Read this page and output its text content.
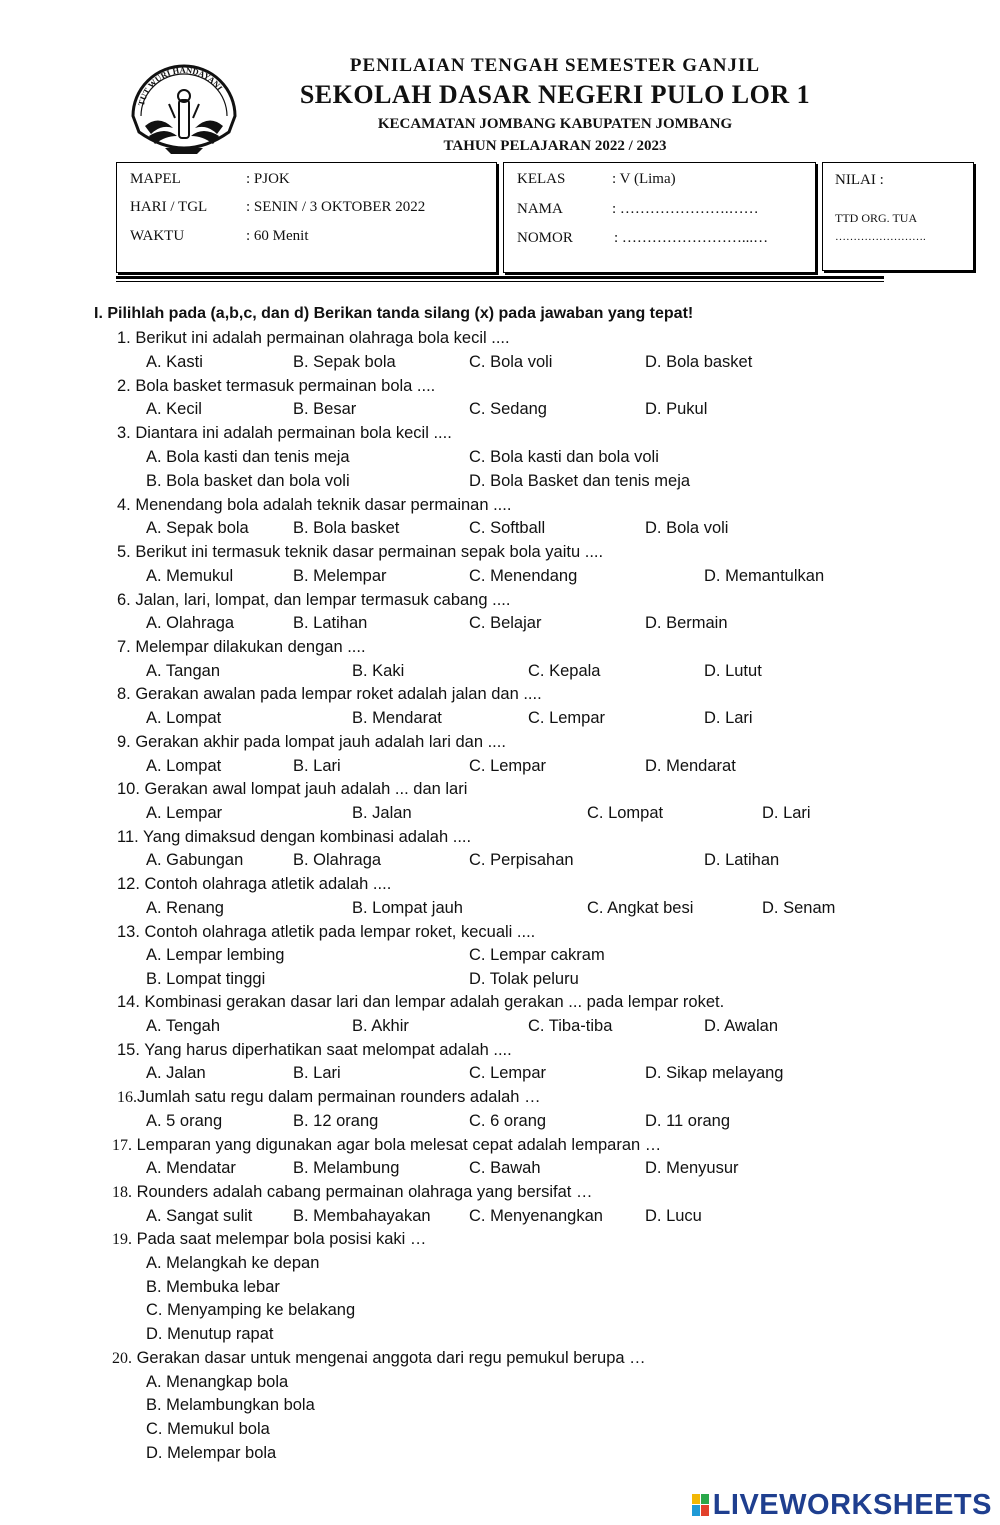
TUT WURI HANDAYANI
PENILAIAN TENGAH SEMESTER GANJIL
SEKOLAH DASAR NEGERI PULO LOR 1
KECAMATAN JOMBANG KABUPATEN JOMBANG
TAHUN PELAJARAN 2022 / 2023
MAPEL	: PJOK
HARI / TGL	: SENIN / 3 OKTOBER 2022
WAKTU	: 60 Menit
KELAS	: V (Lima)
NAMA	: ………………….……
NOMOR	: ……………………...…
NILAI :
TTD ORG. TUA
…………………….
I. Pilihlah pada (a,b,c, dan d) Berikan tanda silang (x) pada jawaban yang tepat!
1. Berikut ini adalah permainan olahraga bola kecil ....
A. Kasti	B. Sepak bola	C. Bola voli	D. Bola basket
2. Bola basket termasuk permainan bola ....
A. Kecil	B. Besar	C. Sedang	D. Pukul
3. Diantara ini adalah permainan bola kecil ....
A. Bola kasti dan tenis meja	C. Bola kasti dan bola voli
B. Bola basket dan bola voli	D. Bola Basket dan tenis meja
4. Menendang bola adalah teknik dasar permainan ....
A. Sepak bola	B. Bola basket	C. Softball	D. Bola voli
5. Berikut ini termasuk teknik dasar permainan sepak bola yaitu ....
A. Memukul	B. Melempar	C. Menendang	D. Memantulkan
6. Jalan, lari, lompat, dan lempar termasuk cabang ....
A. Olahraga	B. Latihan	C. Belajar	D. Bermain
7. Melempar dilakukan dengan ....
A. Tangan	B. Kaki	C. Kepala	D. Lutut
8. Gerakan awalan pada lempar roket adalah jalan dan ....
A. Lompat	B. Mendarat	C. Lempar	D. Lari
9. Gerakan akhir pada lompat jauh adalah lari dan ....
A. Lompat	B. Lari	C. Lempar	D. Mendarat
10. Gerakan awal lompat jauh adalah ... dan lari
A. Lempar	B. Jalan	C. Lompat	D. Lari
11. Yang dimaksud dengan kombinasi adalah ....
A. Gabungan	B. Olahraga	C. Perpisahan	D. Latihan
12. Contoh olahraga atletik adalah ....
A. Renang	B. Lompat jauh	C. Angkat besi	D. Senam
13. Contoh olahraga atletik pada lempar roket, kecuali ....
A. Lempar lembing	C. Lempar cakram
B. Lompat tinggi	D. Tolak peluru
14. Kombinasi gerakan dasar lari dan lempar adalah gerakan ... pada lempar roket.
A. Tengah	B. Akhir	C. Tiba-tiba	D. Awalan
15. Yang harus diperhatikan saat melompat adalah ....
A. Jalan	B. Lari	C. Lempar	D. Sikap melayang
16.Jumlah satu regu dalam permainan rounders adalah …
A. 5 orang	B. 12 orang	C. 6 orang	D. 11 orang
17. Lemparan yang digunakan agar bola melesat cepat adalah lemparan …
A. Mendatar	B. Melambung	C. Bawah	D. Menyusur
18. Rounders adalah cabang permainan olahraga yang bersifat …
A. Sangat sulit B. Membahayakan C. Menyenangkan	D. Lucu
19. Pada saat melempar bola posisi kaki …
A. Melangkah ke depan
B. Membuka lebar
C. Menyamping ke belakang
D. Menutup rapat
20. Gerakan dasar untuk mengenai anggota dari regu pemukul berupa …
A. Menangkap bola
B. Melambungkan bola
C. Memukul bola
D. Melempar bola
LIVEWORKSHEETS
